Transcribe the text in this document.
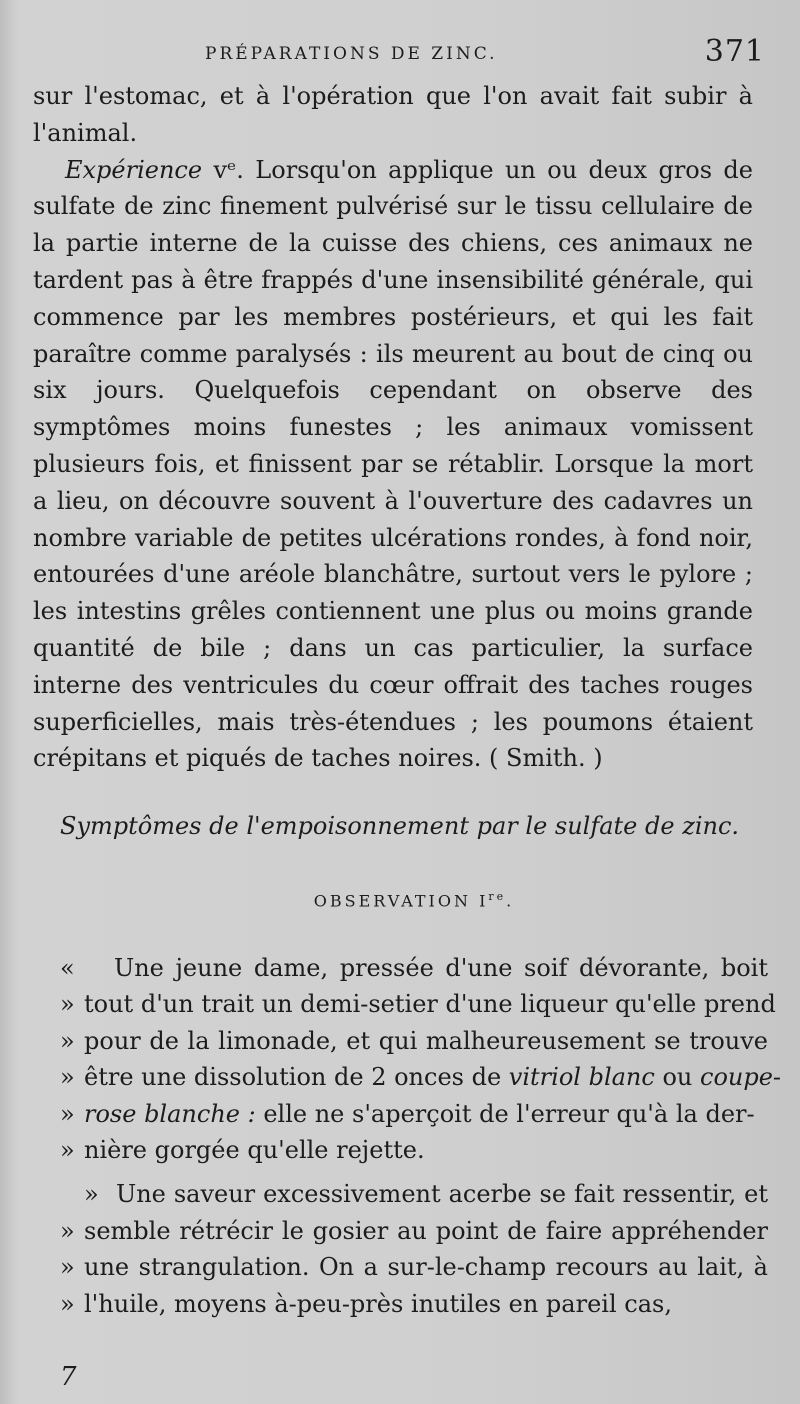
PRÉPARATIONS DE ZINC.	371

sur l'estomac, et à l'opération que l'on avait fait subir à l'animal.

Expérience vᵉ. Lorsqu'on applique un ou deux gros de sulfate de zinc finement pulvérisé sur le tissu cellulaire de la partie interne de la cuisse des chiens, ces animaux ne tardent pas à être frappés d'une insensibilité générale, qui commence par les membres postérieurs, et qui les fait paraître comme paralysés : ils meurent au bout de cinq ou six jours. Quelquefois cependant on observe des symptômes moins funestes ; les animaux vomissent plusieurs fois, et finissent par se rétablir. Lorsque la mort a lieu, on découvre souvent à l'ouverture des cadavres un nombre variable de petites ulcérations rondes, à fond noir, entourées d'une aréole blanchâtre, surtout vers le pylore ; les intestins grêles contiennent une plus ou moins grande quantité de bile ; dans un cas particulier, la surface interne des ventricules du cœur offrait des taches rouges superficielles, mais très-étendues ; les poumons étaient crépitans et piqués de taches noires. ( Smith. )

Symptômes de l'empoisonnement par le sulfate de zinc.
OBSERVATION Ire.
« Une jeune dame, pressée d'une soif dévorante, boit
» tout d'un trait un demi-setier d'une liqueur qu'elle prend
» pour de la limonade, et qui malheureusement se trouve
» être une dissolution de 2 onces de vitriol blanc ou coupe-
» rose blanche : elle ne s'aperçoit de l'erreur qu'à la der-
» nière gorgée qu'elle rejette.
» Une saveur excessivement acerbe se fait ressentir, et
» semble rétrécir le gosier au point de faire appréhender
» une strangulation. On a sur-le-champ recours au lait, à
» l'huile, moyens à-peu-près inutiles en pareil cas,
7
